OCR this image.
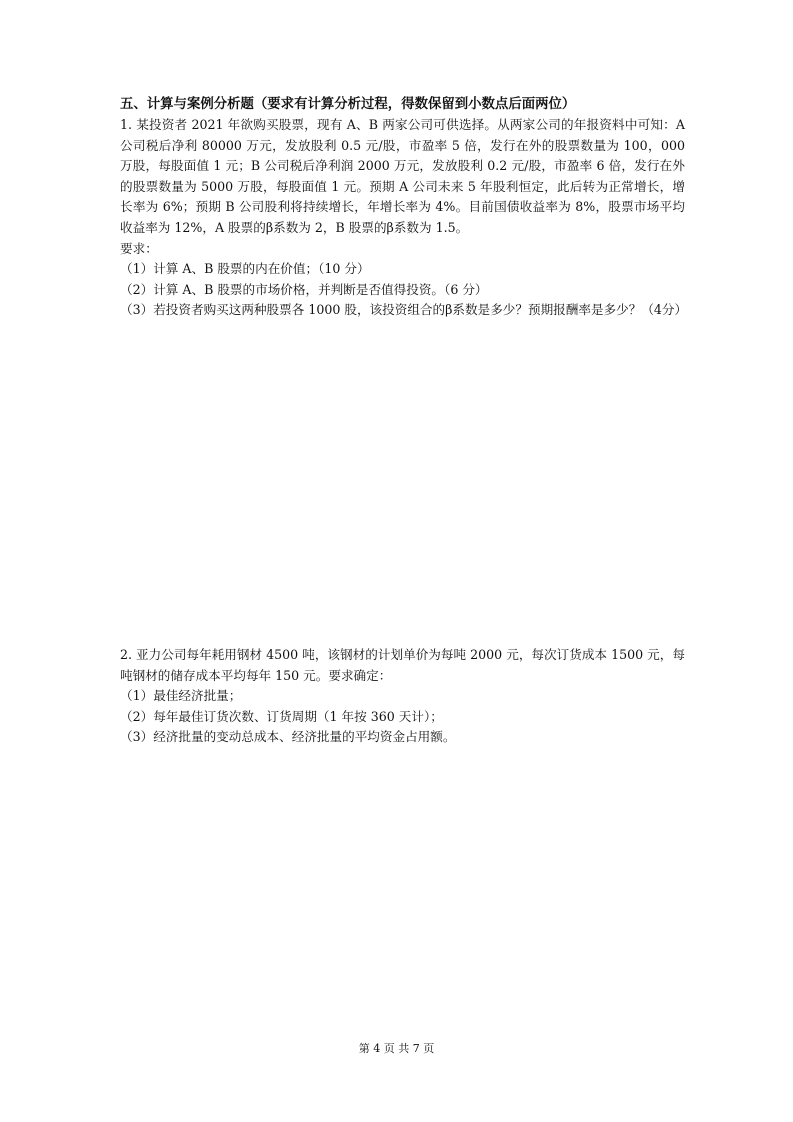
五、计算与案例分析题（要求有计算分析过程，得数保留到小数点后面两位）

1. 某投资者 2021 年欲购买股票，现有 A、B 两家公司可供选择。从两家公司的年报资料中可知：A 公司税后净利 80000 万元，发放股利 0.5 元/股，市盈率 5 倍，发行在外的股票数量为 100，000 万股，每股面值 1 元；B 公司税后净利润 2000 万元，发放股利 0.2 元/股，市盈率 6 倍，发行在外的股票数量为 5000 万股，每股面值 1 元。预期 A 公司未来 5 年股利恒定，此后转为正常增长，增长率为 6%；预期 B 公司股利将持续增长，年增长率为 4%。目前国债收益率为 8%，股票市场平均收益率为 12%，A 股票的β系数为 2，B 股票的β系数为 1.5。

要求：

（1）计算 A、B 股票的内在价值；（10 分）

（2）计算 A、B 股票的市场价格，并判断是否值得投资。（6 分）

（3）若投资者购买这两种股票各 1000 股，该投资组合的β系数是多少？预期报酬率是多少？（4分）

2. 亚力公司每年耗用钢材 4500 吨，该钢材的计划单价为每吨 2000 元，每次订货成本 1500 元，每吨钢材的储存成本平均每年 150 元。要求确定：

（1）最佳经济批量；

（2）每年最佳订货次数、订货周期（1 年按 360 天计）；

（3）经济批量的变动总成本、经济批量的平均资金占用额。

第 4 页 共 7 页
